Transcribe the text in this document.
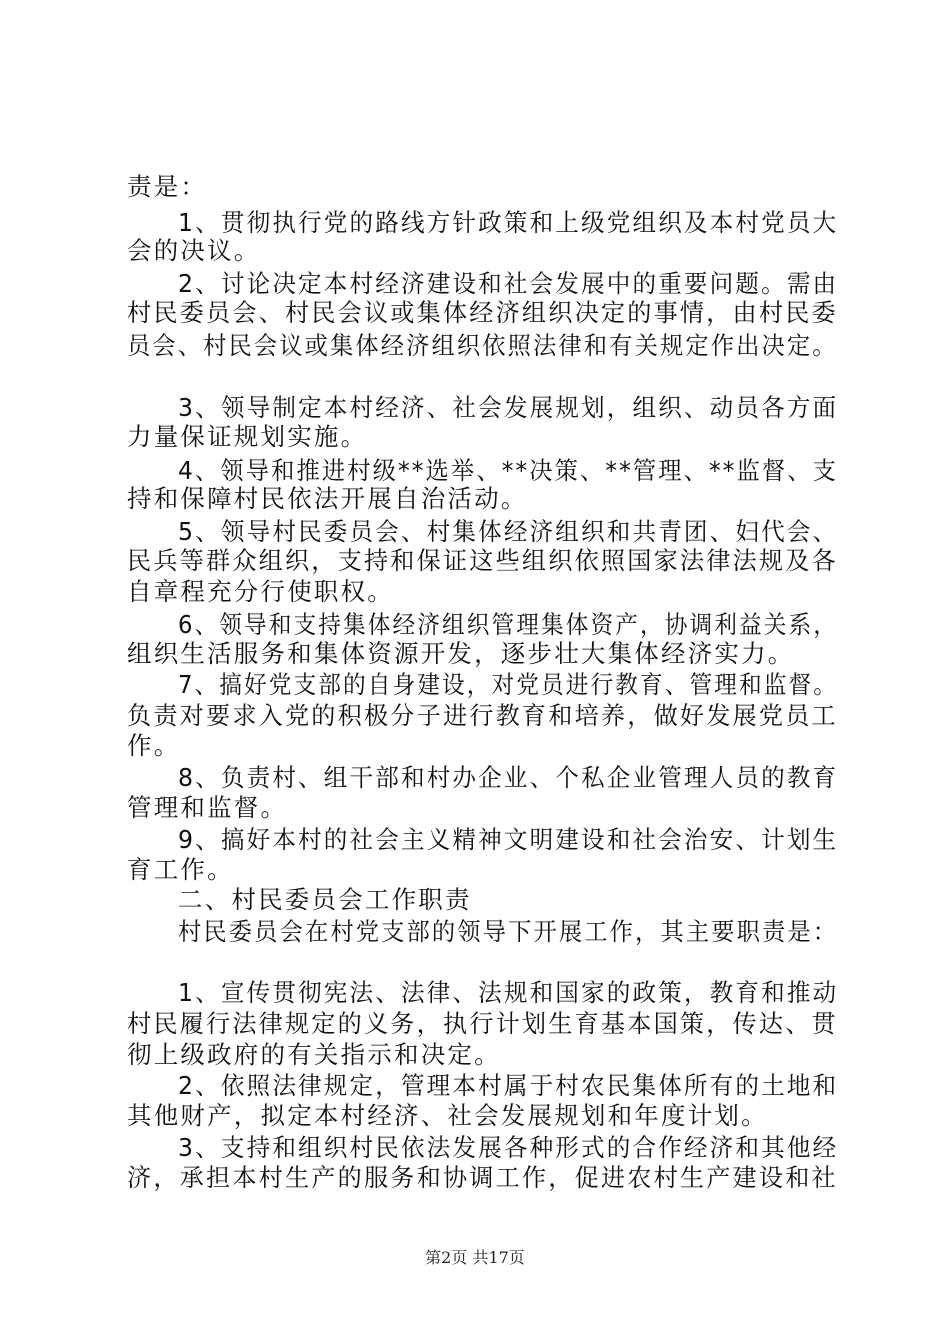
责是：
1、贯彻执行党的路线方针政策和上级党组织及本村党员大
会的决议。
2、讨论决定本村经济建设和社会发展中的重要问题。需由
村民委员会、村民会议或集体经济组织决定的事情，由村民委
员会、村民会议或集体经济组织依照法律和有关规定作出决定。
3、领导制定本村经济、社会发展规划，组织、动员各方面
力量保证规划实施。
4、领导和推进村级**选举、**决策、**管理、**监督、支
持和保障村民依法开展自治活动。
5、领导村民委员会、村集体经济组织和共青团、妇代会、
民兵等群众组织，支持和保证这些组织依照国家法律法规及各
自章程充分行使职权。
6、领导和支持集体经济组织管理集体资产，协调利益关系，
组织生活服务和集体资源开发，逐步壮大集体经济实力。
7、搞好党支部的自身建设，对党员进行教育、管理和监督。
负责对要求入党的积极分子进行教育和培养，做好发展党员工
作。
8、负责村、组干部和村办企业、个私企业管理人员的教育
管理和监督。
9、搞好本村的社会主义精神文明建设和社会治安、计划生
育工作。
二、村民委员会工作职责
村民委员会在村党支部的领导下开展工作，其主要职责是：
1、宣传贯彻宪法、法律、法规和国家的政策，教育和推动
村民履行法律规定的义务，执行计划生育基本国策，传达、贯
彻上级政府的有关指示和决定。
2、依照法律规定，管理本村属于村农民集体所有的土地和
其他财产，拟定本村经济、社会发展规划和年度计划。
3、支持和组织村民依法发展各种形式的合作经济和其他经
济，承担本村生产的服务和协调工作，促进农村生产建设和社
第2页 共17页
